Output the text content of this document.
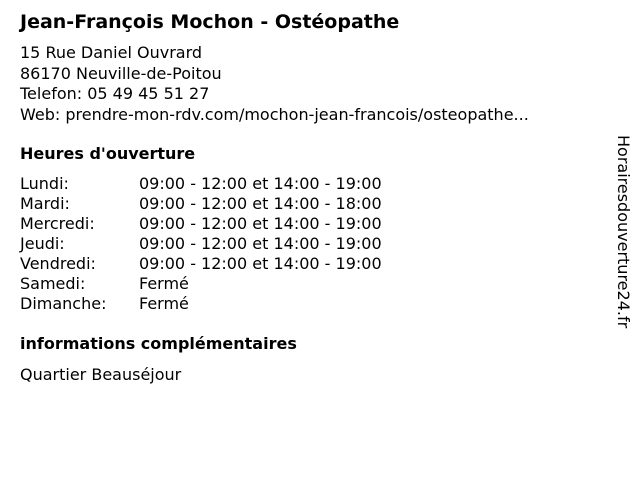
Jean-François Mochon - Ostéopathe
15 Rue Daniel Ouvrard
86170 Neuville-de-Poitou
Telefon: 05 49 45 51 27
Web: prendre-mon-rdv.com/mochon-jean-francois/osteopathe...
Heures d'ouverture
Lundi:	09:00 - 12:00 et 14:00 - 19:00
Mardi:	09:00 - 12:00 et 14:00 - 18:00
Mercredi:	09:00 - 12:00 et 14:00 - 19:00
Jeudi:	09:00 - 12:00 et 14:00 - 19:00
Vendredi:	09:00 - 12:00 et 14:00 - 19:00
Samedi:	Fermé
Dimanche:	Fermé
informations complémentaires
Quartier Beauséjour
Horairesdouverture24.fr
